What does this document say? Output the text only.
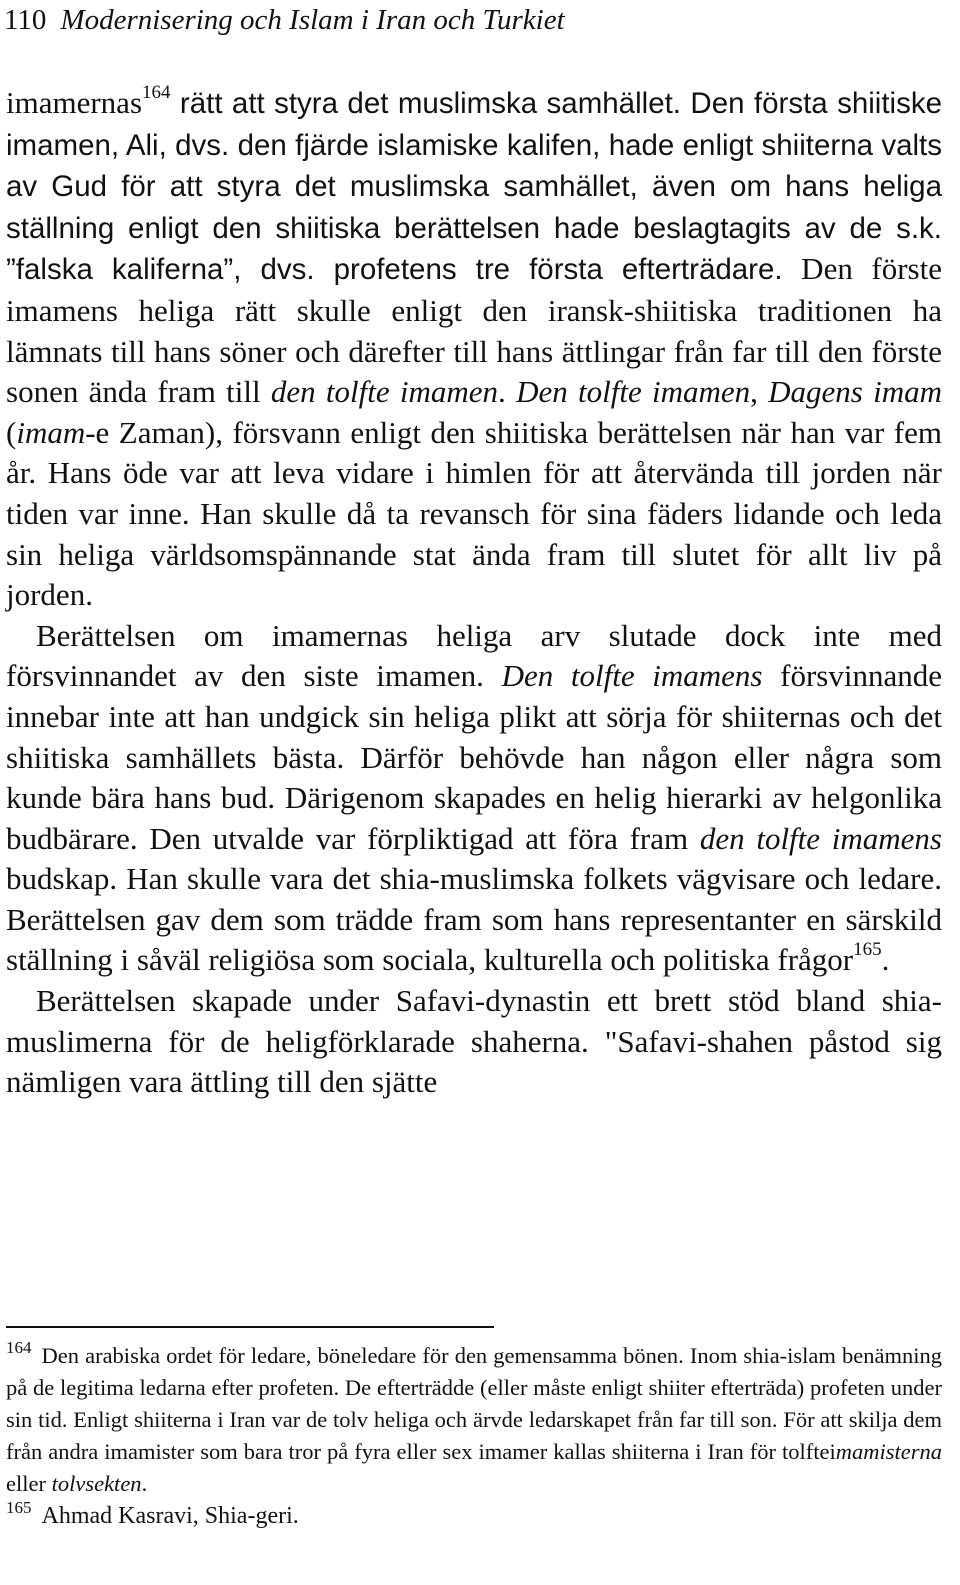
110 Modernisering och Islam i Iran och Turkiet

imamernas$^{164}$ rätt att styra det muslimska samhället. Den första shiitiske imamen, Ali, dvs. den fjärde islamiske kalifen, hade enligt shiiterna valts av Gud för att styra det muslimska samhället, även om hans heliga ställning enligt den shiitiska berättelsen hade beslagtagits av de s.k. ”falska kaliferna”, dvs. profetens tre första efterträdare. Den förste imamens heliga rätt skulle enligt den iransk-shiitiska traditionen ha lämnats till hans söner och därefter till hans ättlingar från far till den förste sonen ända fram till den tolfte imamen. Den tolfte imamen, Dagens imam (imam-e Zaman), försvann enligt den shiitiska berättelsen när han var fem år. Hans öde var att leva vidare i himlen för att återvända till jorden när tiden var inne. Han skulle då ta revansch för sina fäders lidande och leda sin heliga världsomspännande stat ända fram till slutet för allt liv på jorden.

Berättelsen om imamernas heliga arv slutade dock inte med försvinnandet av den siste imamen. Den tolfte imamens försvinnande innebar inte att han undgick sin heliga plikt att sörja för shiiternas och det shiitiska samhällets bästa. Därför behövde han någon eller några som kunde bära hans bud. Därigenom skapades en helig hierarki av helgonlika budbärare. Den utvalde var förpliktigad att föra fram den tolfte imamens budskap. Han skulle vara det shia-muslimska folkets vägvisare och ledare. Berättelsen gav dem som trädde fram som hans representanter en särskild ställning i såväl religiösa som sociala, kulturella och politiska frågor$^{165}$.

Berättelsen skapade under Safavi-dynastin ett brett stöd bland shia-muslimerna för de heligförklarade shaherna. "Safavi-shahen påstod sig nämligen vara ättling till den sjätte

$^{164}$ Den arabiska ordet för ledare, böneledare för den gemensamma bönen. Inom shia-islam benämning på de legitima ledarna efter profeten. De efterträdde (eller måste enligt shiiter efterträda) profeten under sin tid. Enligt shiiterna i Iran var de tolv heliga och ärvde ledarskapet från far till son. För att skilja dem från andra imamister som bara tror på fyra eller sex imamer kallas shiiterna i Iran för tolfteimamisterna eller tolvsekten.

$^{165}$ Ahmad Kasravi, Shia-geri.
